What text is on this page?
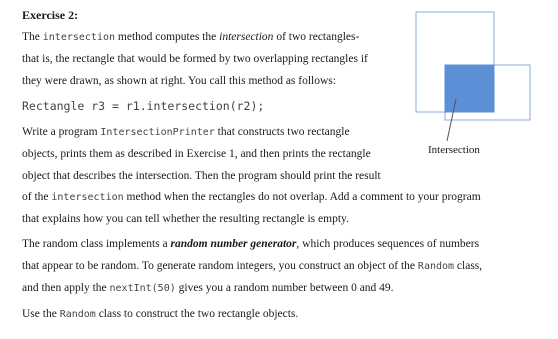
Exercise 2:
The intersection method computes the intersection of two rectangles-
that is, the rectangle that would be formed by two overlapping rectangles if
they were drawn, as shown at right. You call this method as follows:
Rectangle r3 = r1.intersection(r2);
Write a program IntersectionPrinter that constructs two rectangle
objects, prints them as described in Exercise 1, and then prints the rectangle
object that describes the intersection. Then the program should print the result
of the intersection method when the rectangles do not overlap. Add a comment to your program
that explains how you can tell whether the resulting rectangle is empty.
The random class implements a random number generator, which produces sequences of numbers
that appear to be random. To generate random integers, you construct an object of the Random class,
and then apply the nextInt(50) gives you a random number between 0 and 49.
Use the Random class to construct the two rectangle objects.
Intersection
